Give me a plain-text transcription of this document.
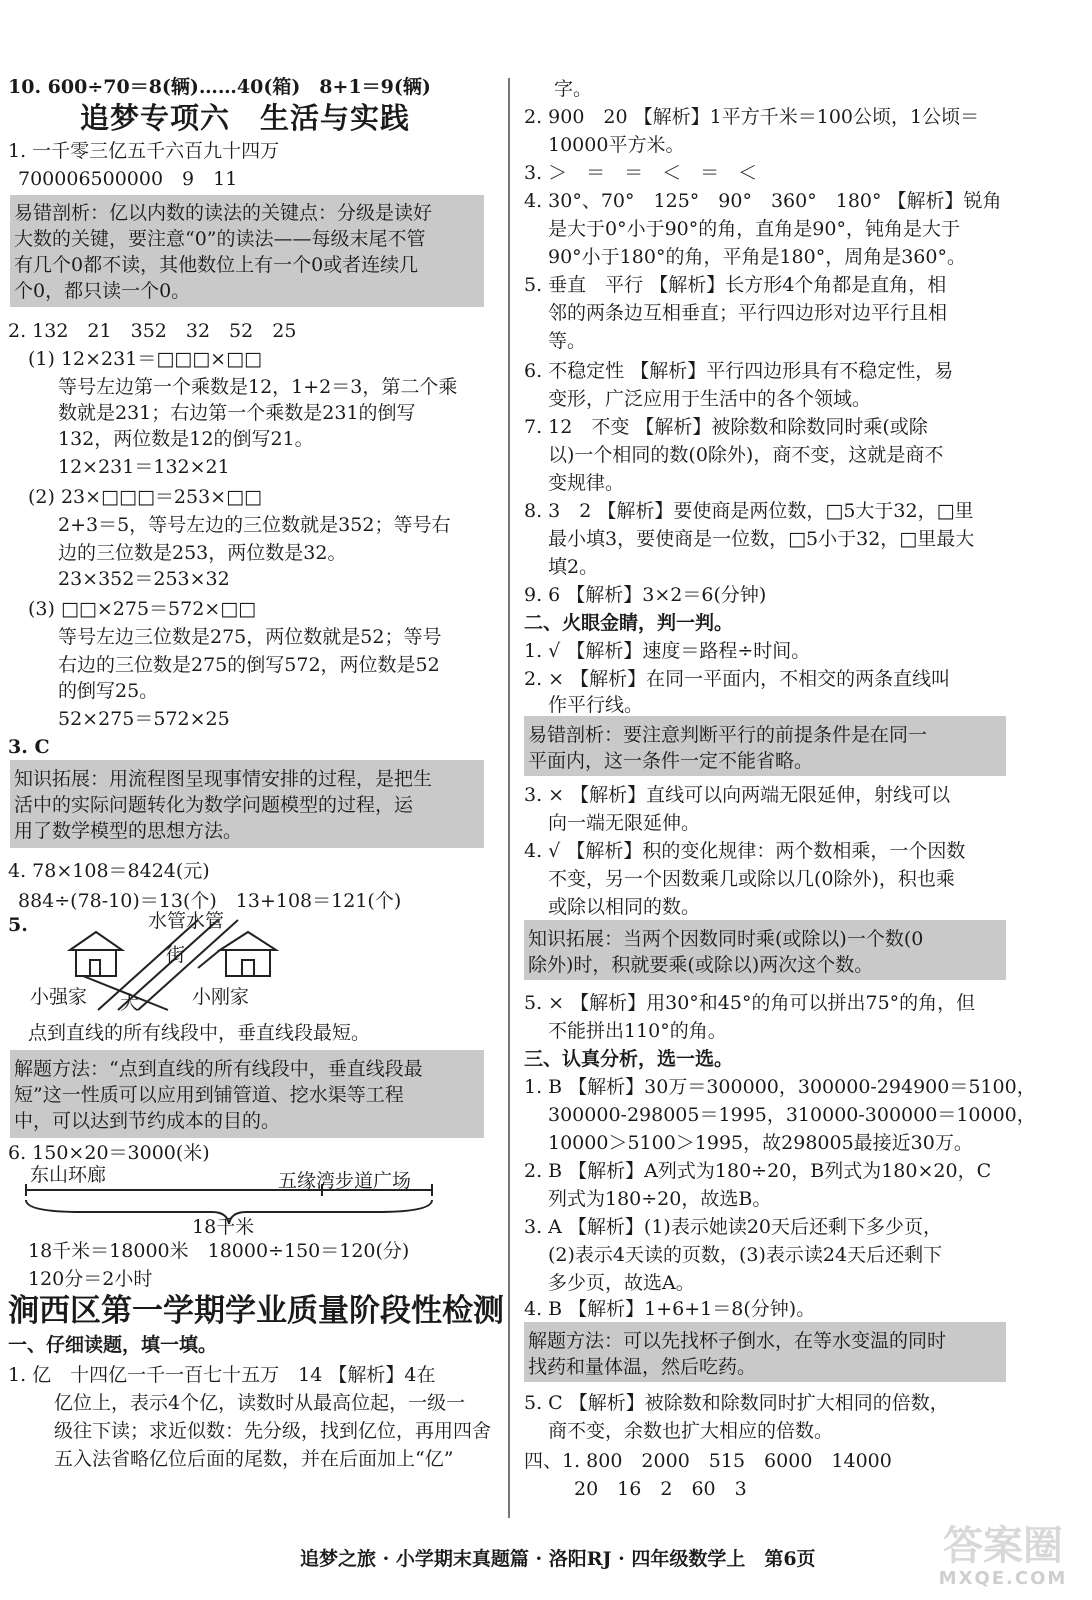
10. 600÷70＝8(辆)……40(箱)　8+1＝9(辆)
追梦专项六　生活与实践
1. 一千零三亿五千六百九十四万
700006500000　9　11
易错剖析：亿以内数的读法的关键点：分级是读好
大数的关键，要注意“0”的读法——每级末尾不管
有几个0都不读，其他数位上有一个0或者连续几
个0，都只读一个0。
2. 132　21　352　32　52　25
(1) 12×231＝□□□×□□
等号左边第一个乘数是12，1+2＝3，第二个乘
数就是231；右边第一个乘数是231的倒写
132，两位数是12的倒写21。
12×231＝132×21
(2) 23×□□□＝253×□□
2+3＝5，等号左边的三位数就是352；等号右
边的三位数是253，两位数是32。
23×352＝253×32
(3) □□×275＝572×□□
等号左边三位数是275，两位数就是52；等号
右边的三位数是275的倒写572，两位数是52
的倒写25。
52×275＝572×25
3. C
知识拓展：用流程图呈现事情安排的过程，是把生
活中的实际问题转化为数学问题模型的过程，运
用了数学模型的思想方法。
4. 78×108＝8424(元)
884÷(78-10)＝13(个)　13+108＝121(个)
5.	水管水管
街
大
小强家	小刚家
点到直线的所有线段中，垂直线段最短。
解题方法：“点到直线的所有线段中，垂直线段最
短”这一性质可以应用到铺管道、挖水渠等工程
中，可以达到节约成本的目的。
6. 150×20＝3000(米)
东山环廊	五缘湾步道广场
18千米
18千米＝18000米　18000÷150＝120(分)
120分＝2小时
涧西区第一学期学业质量阶段性检测
一、仔细读题，填一填。
1. 亿　十四亿一千一百七十五万　14 【解析】4在
亿位上，表示4个亿，读数时从最高位起，一级一
级往下读；求近似数：先分级，找到亿位，再用四舍
五入法省略亿位后面的尾数，并在后面加上“亿”
字。
2. 900　20 【解析】1平方千米＝100公顷，1公顷＝
10000平方米。
3. ＞　＝　＝　＜　＝　＜
4. 30°、70°　125°　90°　360°　180° 【解析】锐角
是大于0°小于90°的角，直角是90°，钝角是大于
90°小于180°的角，平角是180°，周角是360°。
5. 垂直　平行 【解析】长方形4个角都是直角，相
邻的两条边互相垂直；平行四边形对边平行且相
等。
6. 不稳定性 【解析】平行四边形具有不稳定性，易
变形，广泛应用于生活中的各个领域。
7. 12　不变 【解析】被除数和除数同时乘(或除
以)一个相同的数(0除外)，商不变，这就是商不
变规律。
8. 3　2 【解析】要使商是两位数，□5大于32，□里
最小填3，要使商是一位数，□5小于32，□里最大
填2。
9. 6 【解析】3×2＝6(分钟)
二、火眼金睛，判一判。
1. √ 【解析】速度＝路程÷时间。
2. × 【解析】在同一平面内，不相交的两条直线叫
作平行线。
易错剖析：要注意判断平行的前提条件是在同一
平面内，这一条件一定不能省略。
3. × 【解析】直线可以向两端无限延伸，射线可以
向一端无限延伸。
4. √ 【解析】积的变化规律：两个数相乘，一个因数
不变，另一个因数乘几或除以几(0除外)，积也乘
或除以相同的数。
知识拓展：当两个因数同时乘(或除以)一个数(0
除外)时，积就要乘(或除以)两次这个数。
5. × 【解析】用30°和45°的角可以拼出75°的角，但
不能拼出110°的角。
三、认真分析，选一选。
1. B 【解析】30万＝300000，300000-294900＝5100，
300000-298005＝1995，310000-300000＝10000，
10000＞5100＞1995，故298005最接近30万。
2. B 【解析】A列式为180÷20，B列式为180×20，C
列式为180÷20，故选B。
3. A 【解析】(1)表示她读20天后还剩下多少页，
(2)表示4天读的页数，(3)表示读24天后还剩下
多少页，故选A。
4. B 【解析】1+6+1＝8(分钟)。
解题方法：可以先找杯子倒水，在等水变温的同时
找药和量体温，然后吃药。
5. C 【解析】被除数和除数同时扩大相同的倍数，
商不变，余数也扩大相应的倍数。
四、1. 800　2000　515　6000　14000
20　16　2　60　3
追梦之旅 · 小学期末真题篇 · 洛阳RJ · 四年级数学上　第6页	答案圈
MXQE.COM
